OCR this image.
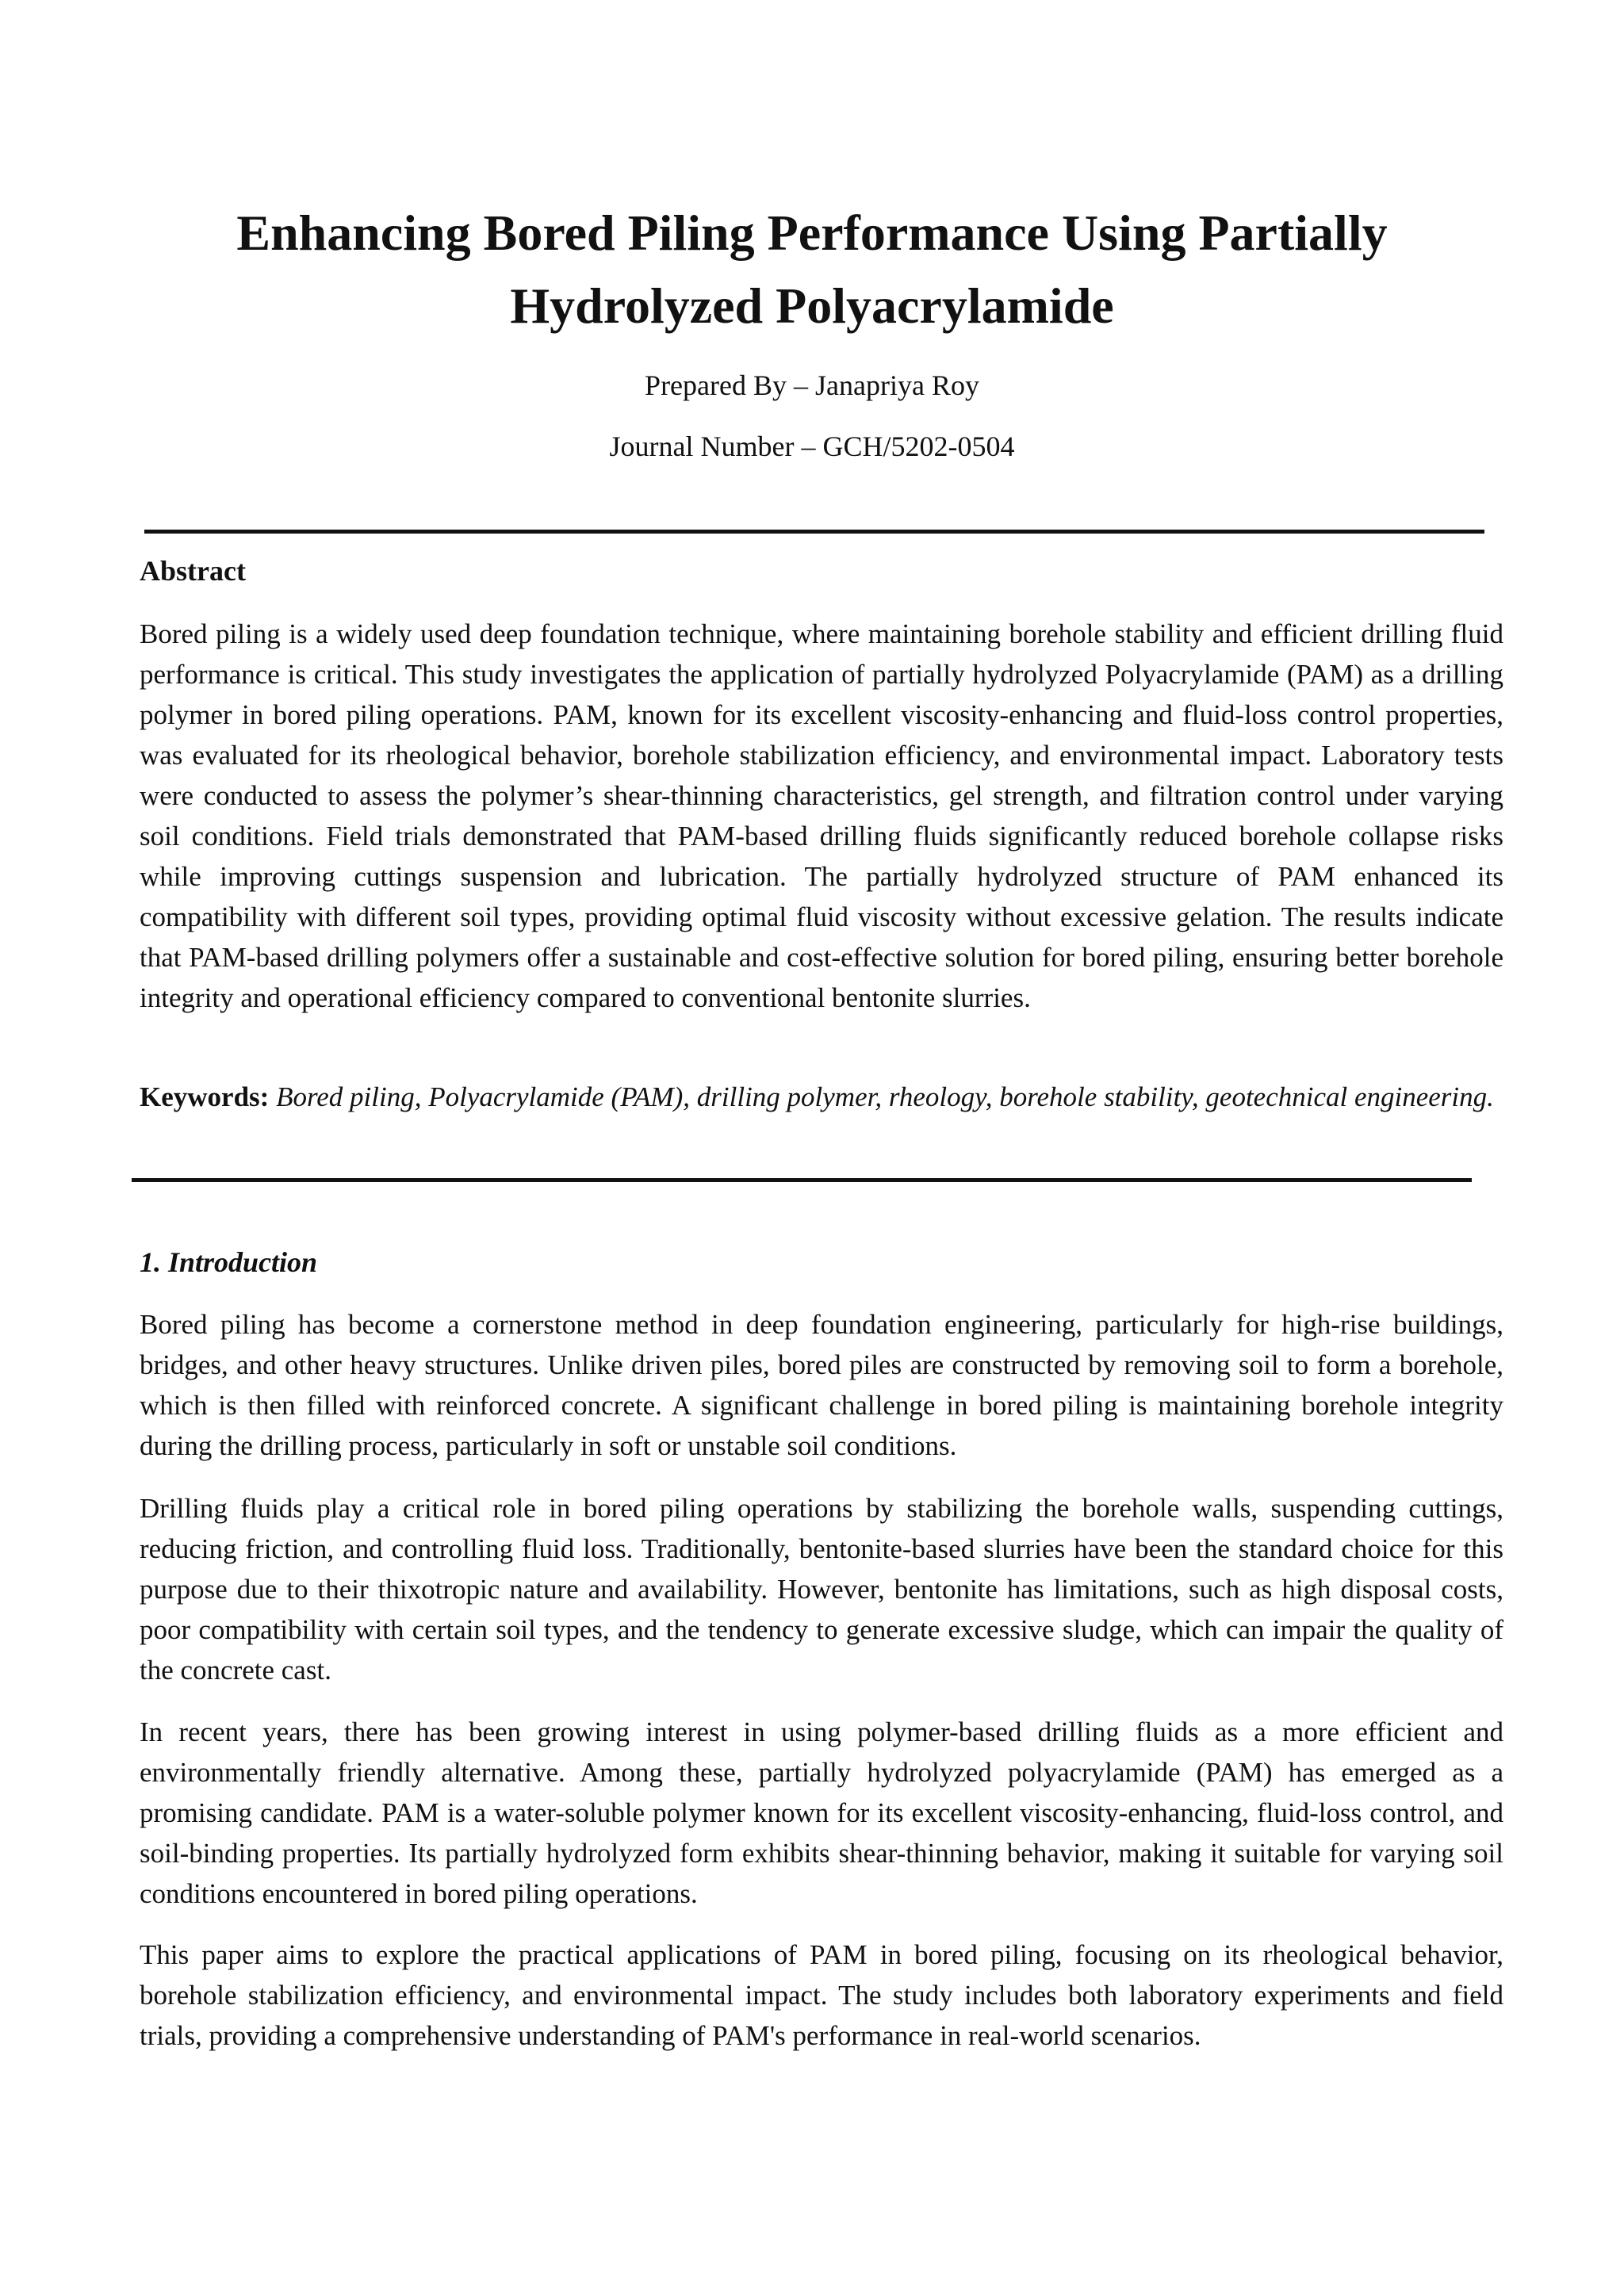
Enhancing Bored Piling Performance Using Partially
Hydrolyzed Polyacrylamide

Prepared By – Janapriya Roy

Journal Number – GCH/5202-0504

Abstract

Bored piling is a widely used deep foundation technique, where maintaining borehole stability and efficient drilling fluid performance is critical. This study investigates the application of partially hydrolyzed Polyacrylamide (PAM) as a drilling polymer in bored piling operations. PAM, known for its excellent viscosity-enhancing and fluid-loss control properties, was evaluated for its rheological behavior, borehole stabilization efficiency, and environmental impact. Laboratory tests were conducted to assess the polymer’s shear-thinning characteristics, gel strength, and filtration control under varying soil conditions. Field trials demonstrated that PAM-based drilling fluids significantly reduced borehole collapse risks while improving cuttings suspension and lubrication. The partially hydrolyzed structure of PAM enhanced its compatibility with different soil types, providing optimal fluid viscosity without excessive gelation. The results indicate that PAM-based drilling polymers offer a sustainable and cost-effective solution for bored piling, ensuring better borehole integrity and operational efficiency compared to conventional bentonite slurries.

Keywords: Bored piling, Polyacrylamide (PAM), drilling polymer, rheology, borehole stability, geotechnical engineering.

1. Introduction

Bored piling has become a cornerstone method in deep foundation engineering, particularly for high-rise buildings, bridges, and other heavy structures. Unlike driven piles, bored piles are constructed by removing soil to form a borehole, which is then filled with reinforced concrete. A significant challenge in bored piling is maintaining borehole integrity during the drilling process, particularly in soft or unstable soil conditions.

Drilling fluids play a critical role in bored piling operations by stabilizing the borehole walls, suspending cuttings, reducing friction, and controlling fluid loss. Traditionally, bentonite-based slurries have been the standard choice for this purpose due to their thixotropic nature and availability. However, bentonite has limitations, such as high disposal costs, poor compatibility with certain soil types, and the tendency to generate excessive sludge, which can impair the quality of the concrete cast.

In recent years, there has been growing interest in using polymer-based drilling fluids as a more efficient and environmentally friendly alternative. Among these, partially hydrolyzed polyacrylamide (PAM) has emerged as a promising candidate. PAM is a water-soluble polymer known for its excellent viscosity-enhancing, fluid-loss control, and soil-binding properties. Its partially hydrolyzed form exhibits shear-thinning behavior, making it suitable for varying soil conditions encountered in bored piling operations.

This paper aims to explore the practical applications of PAM in bored piling, focusing on its rheological behavior, borehole stabilization efficiency, and environmental impact. The study includes both laboratory experiments and field trials, providing a comprehensive understanding of PAM's performance in real-world scenarios.
